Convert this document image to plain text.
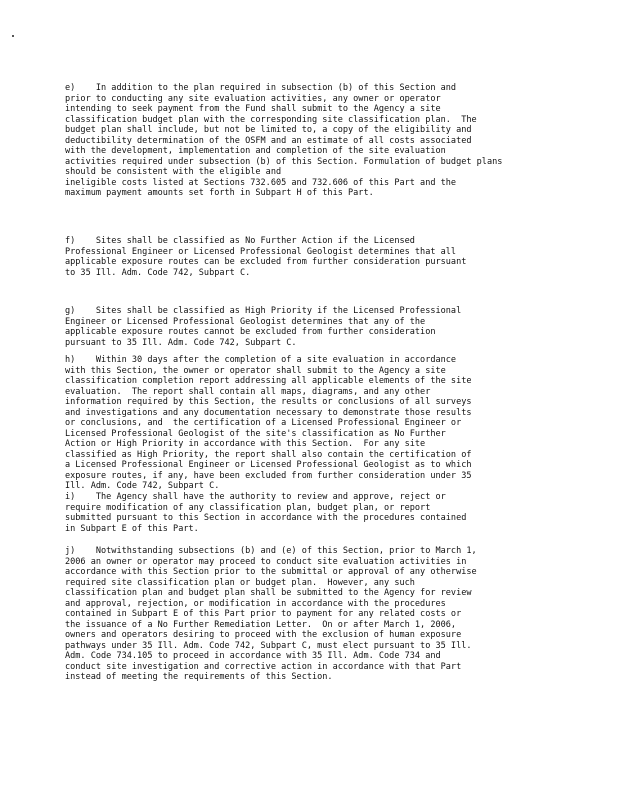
e)    In addition to the plan required in subsection (b) of this Section and
prior to conducting any site evaluation activities, any owner or operator
intending to seek payment from the Fund shall submit to the Agency a site
classification budget plan with the corresponding site classification plan.  The
budget plan shall include, but not be limited to, a copy of the eligibility and
deductibility determination of the OSFM and an estimate of all costs associated
with the development, implementation and completion of the site evaluation
activities required under subsection (b) of this Section. Formulation of budget plans
should be consistent with the eligible and
ineligible costs listed at Sections 732.605 and 732.606 of this Part and the
maximum payment amounts set forth in Subpart H of this Part.

f)    Sites shall be classified as No Further Action if the Licensed
Professional Engineer or Licensed Professional Geologist determines that all
applicable exposure routes can be excluded from further consideration pursuant
to 35 Ill. Adm. Code 742, Subpart C.

g)    Sites shall be classified as High Priority if the Licensed Professional
Engineer or Licensed Professional Geologist determines that any of the
applicable exposure routes cannot be excluded from further consideration
pursuant to 35 Ill. Adm. Code 742, Subpart C.

h)    Within 30 days after the completion of a site evaluation in accordance
with this Section, the owner or operator shall submit to the Agency a site
classification completion report addressing all applicable elements of the site
evaluation.  The report shall contain all maps, diagrams, and any other
information required by this Section, the results or conclusions of all surveys
and investigations and any documentation necessary to demonstrate those results
or conclusions, and  the certification of a Licensed Professional Engineer or
Licensed Professional Geologist of the site's classification as No Further
Action or High Priority in accordance with this Section.  For any site
classified as High Priority, the report shall also contain the certification of
a Licensed Professional Engineer or Licensed Professional Geologist as to which
exposure routes, if any, have been excluded from further consideration under 35
Ill. Adm. Code 742, Subpart C.

i)    The Agency shall have the authority to review and approve, reject or
require modification of any classification plan, budget plan, or report
submitted pursuant to this Section in accordance with the procedures contained
in Subpart E of this Part.

j)    Notwithstanding subsections (b) and (e) of this Section, prior to March 1,
2006 an owner or operator may proceed to conduct site evaluation activities in
accordance with this Section prior to the submittal or approval of any otherwise
required site classification plan or budget plan.  However, any such
classification plan and budget plan shall be submitted to the Agency for review
and approval, rejection, or modification in accordance with the procedures
contained in Subpart E of this Part prior to payment for any related costs or
the issuance of a No Further Remediation Letter.  On or after March 1, 2006,
owners and operators desiring to proceed with the exclusion of human exposure
pathways under 35 Ill. Adm. Code 742, Subpart C, must elect pursuant to 35 Ill.
Adm. Code 734.105 to proceed in accordance with 35 Ill. Adm. Code 734 and
conduct site investigation and corrective action in accordance with that Part
instead of meeting the requirements of this Section.
